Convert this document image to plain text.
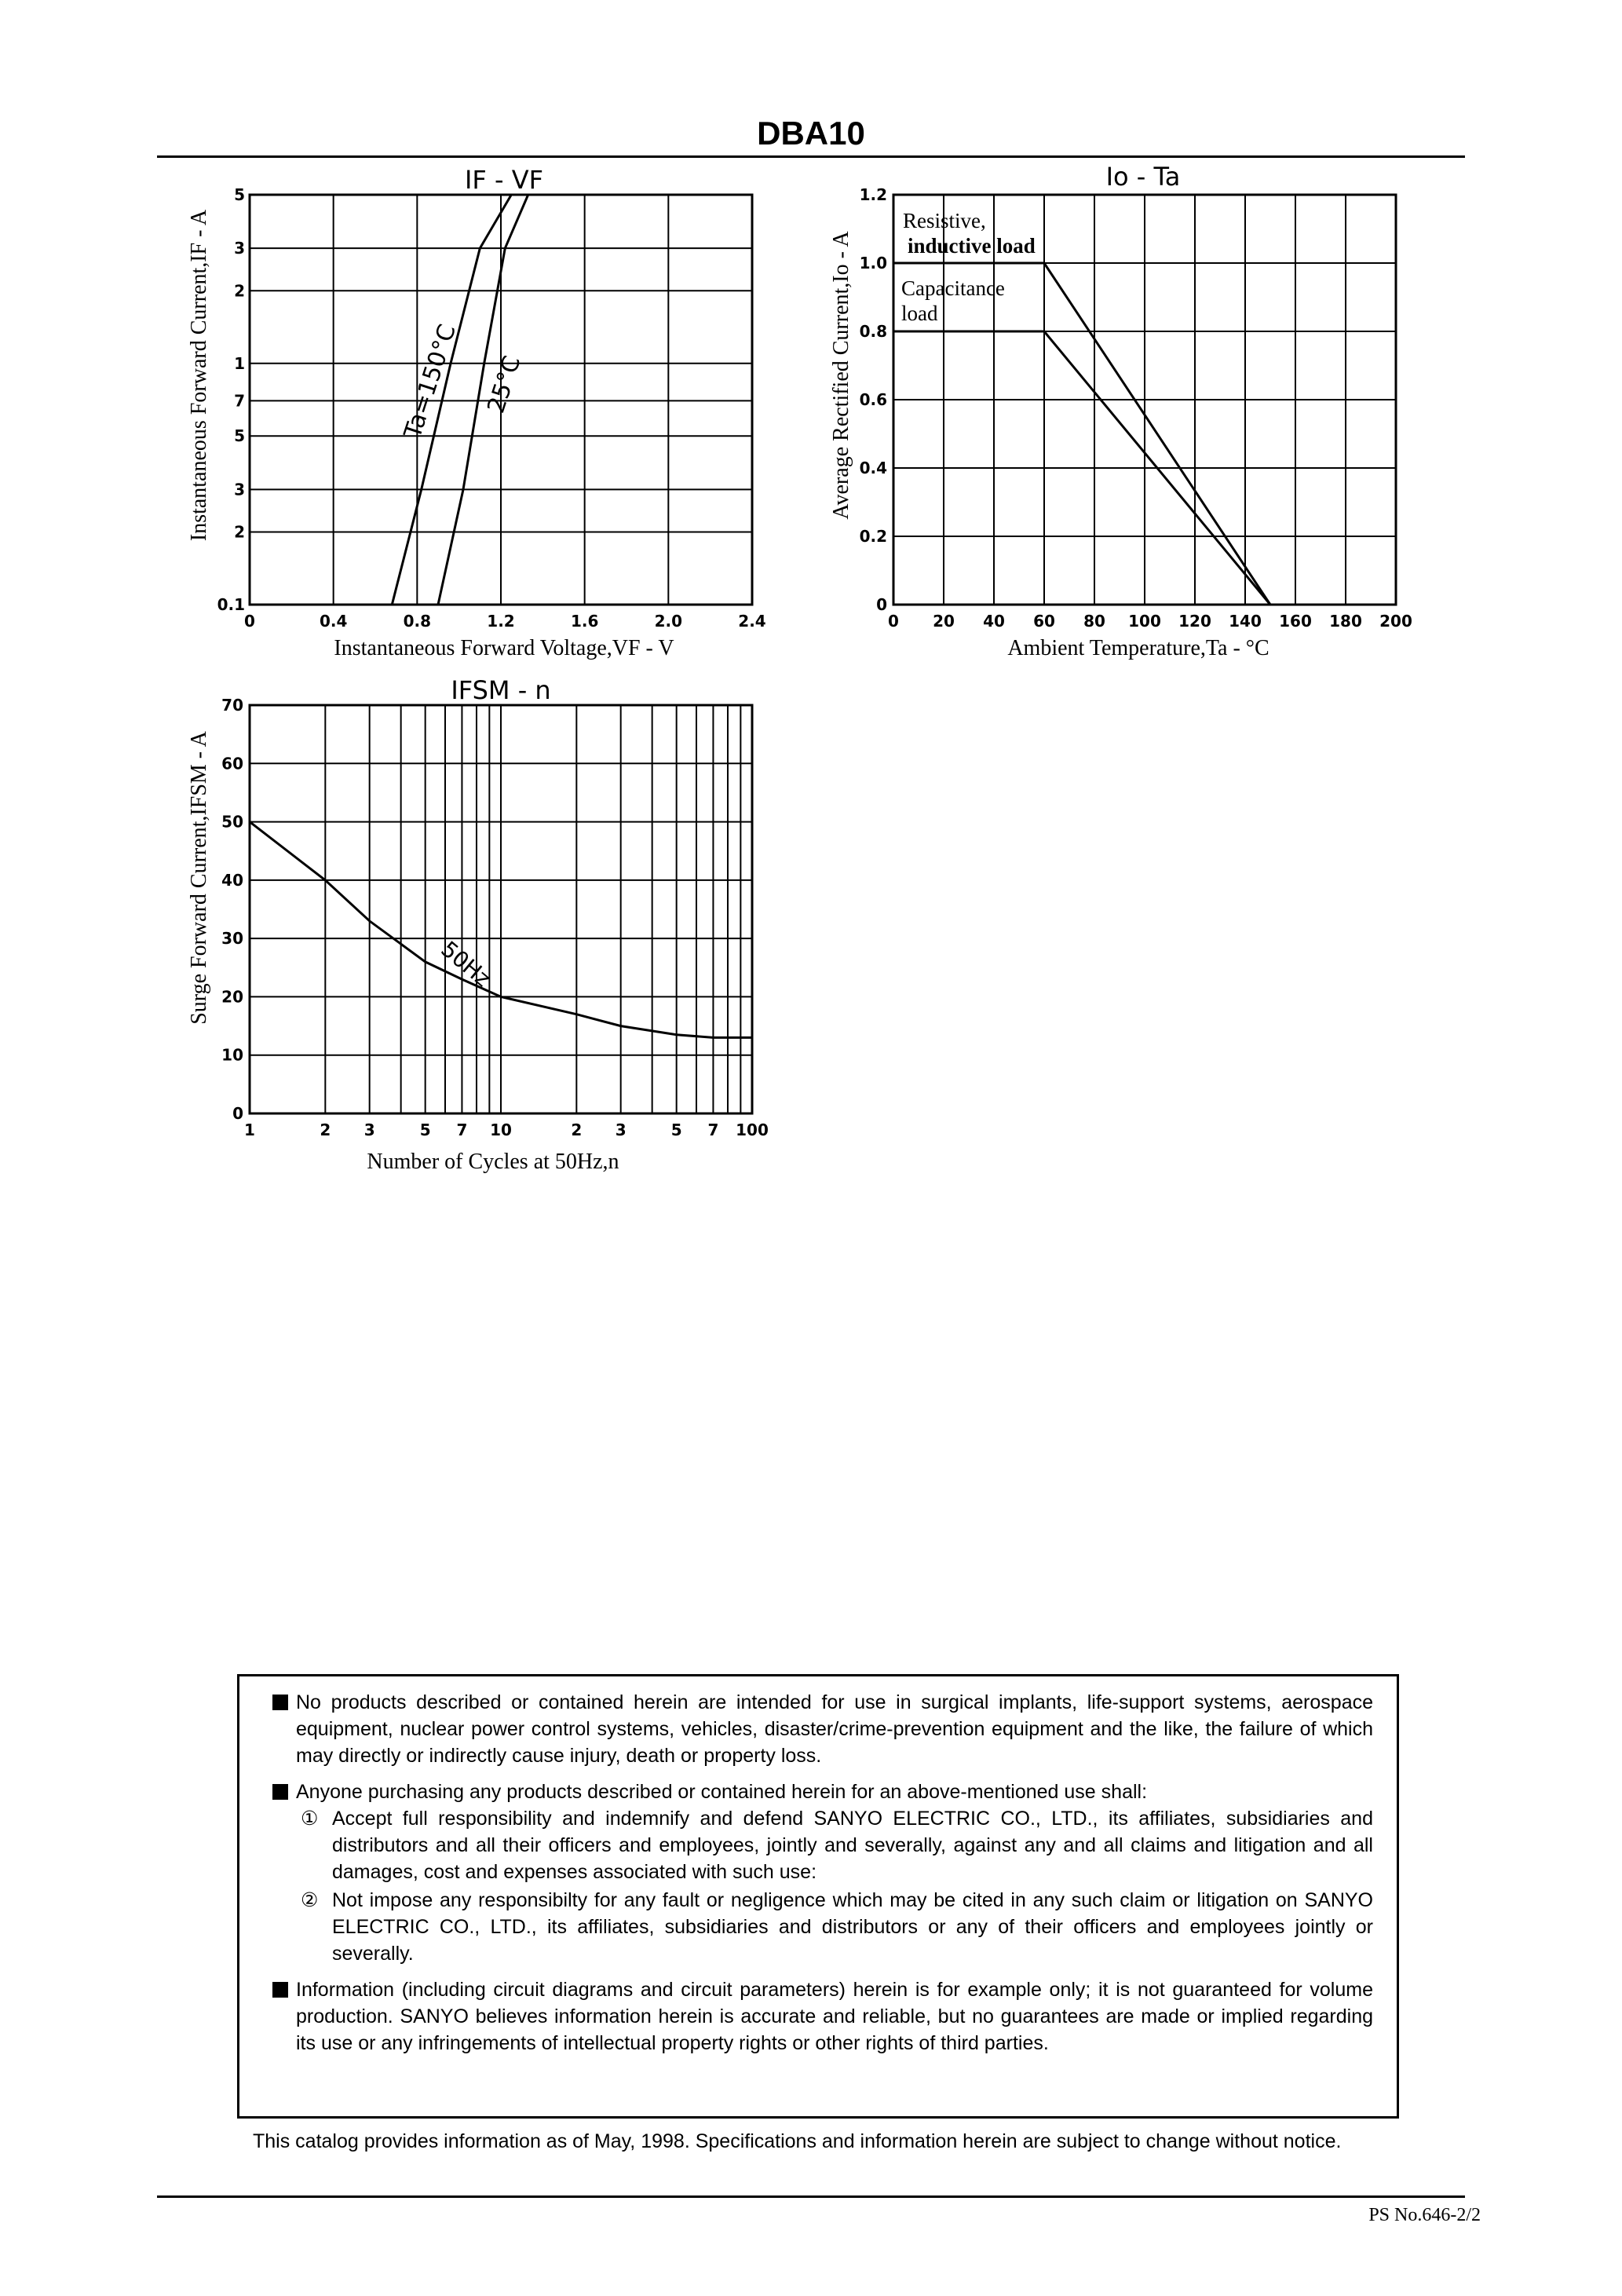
DBA10
0	0.4	0.8	1.2	1.6	2.0	2.4
5
3
2
1
7
5
3
2
0.1
IF - VF
Instantaneous Forward Voltage,VF - V
Instantaneous Forward Current,IF - A	Ta=150°C 25°C
0 20 40 60 80 100 120 140 160 180 200
1.2
1.0
0.8
0.6
0.4
0.2
0
Io - Ta
Ambient Temperature,Ta - °C
Average Rectified Current,Io - A
Resistive,
inductive load
Capacitance
load
1	2 3	5 7 10	2 3	5 7 100
70
60
50
40
30
20
10
0
IFSM - n
Number of Cycles at 50Hz,n
Surge Forward Current,IFSM - A	50Hz

No products described or contained herein are intended for use in surgical implants, life-support systems, aerospace equipment, nuclear power control systems, vehicles, disaster/crime-prevention equipment and the like, the failure of which may directly or indirectly cause injury, death or property loss.

Anyone purchasing any products described or contained herein for an above-mentioned use shall:

① Accept full responsibility and indemnify and defend SANYO ELECTRIC CO., LTD., its affiliates, subsidiaries and distributors and all their officers and employees, jointly and severally, against any and all claims and litigation and all damages, cost and expenses associated with such use:

② Not impose any responsibilty for any fault or negligence which may be cited in any such claim or litigation on SANYO ELECTRIC CO., LTD., its affiliates, subsidiaries and distributors or any of their officers and employees jointly or severally.

Information (including circuit diagrams and circuit parameters) herein is for example only; it is not guaranteed for volume production. SANYO believes information herein is accurate and reliable, but no guarantees are made or implied regarding its use or any infringements of intellectual property rights or other rights of third parties.

This catalog provides information as of May, 1998. Specifications and information herein are subject to change without notice.
PS No.646-2/2
